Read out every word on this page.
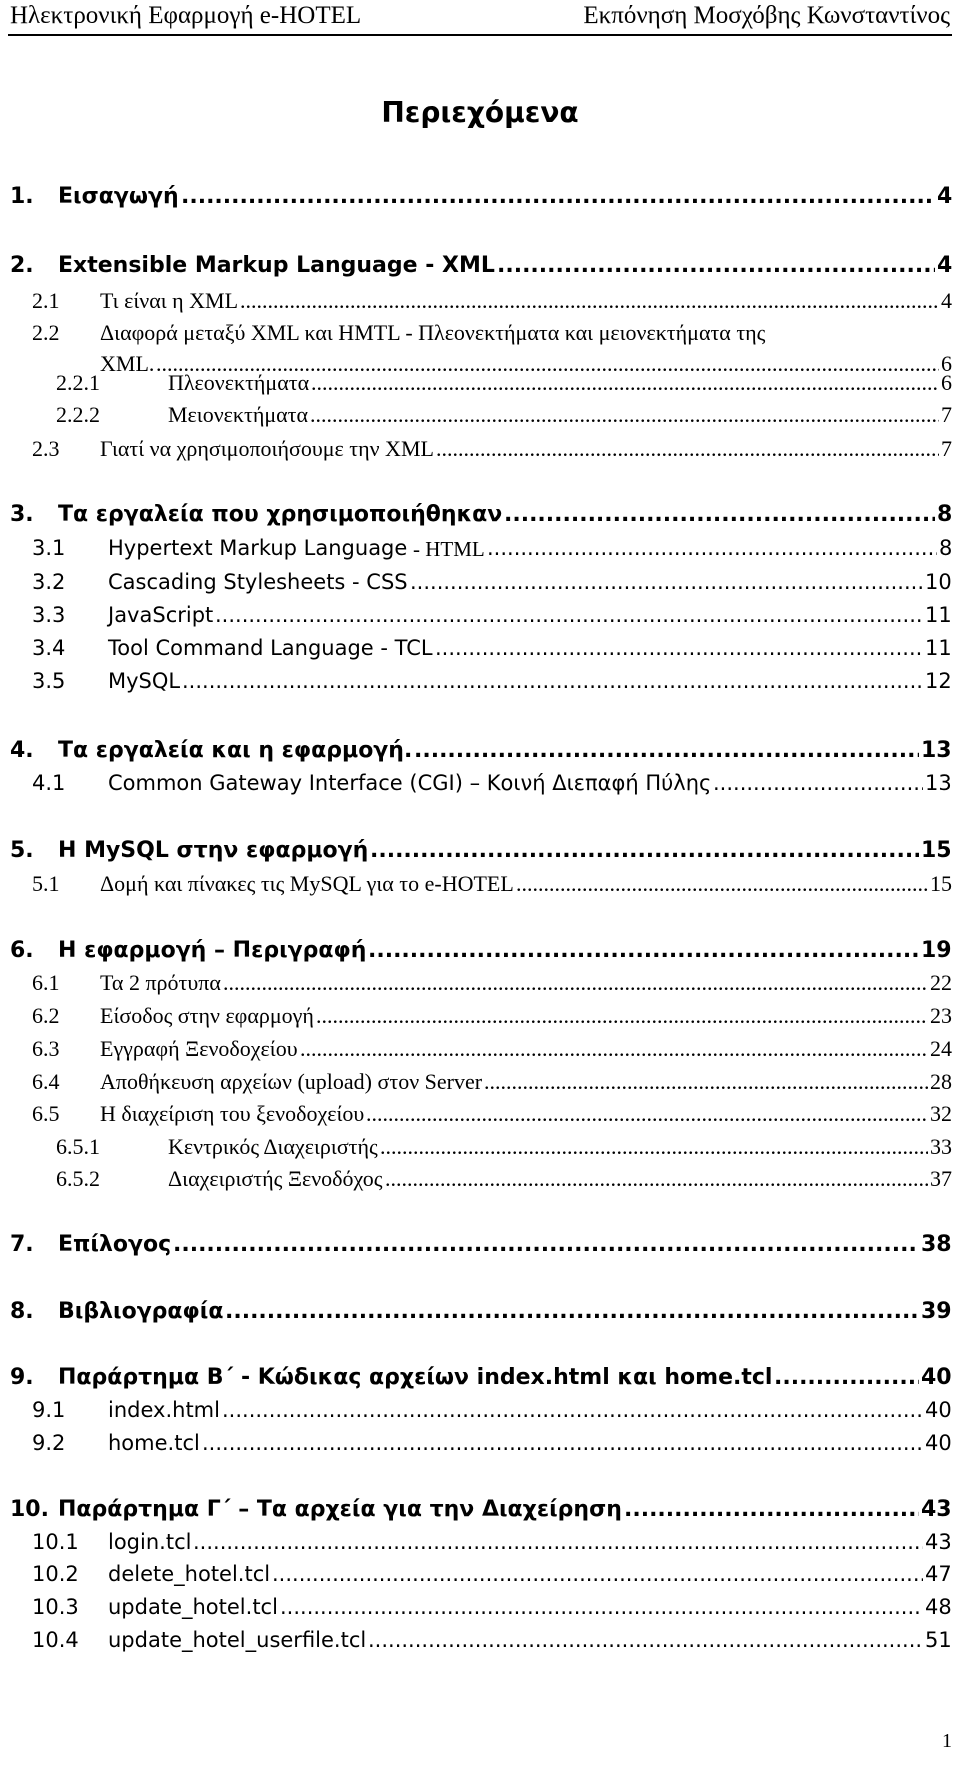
Ηλεκτρονική Εφαρμογή e-HOTEL	Εκπόνηση Μοσχόβης Κωνσταντίνος
Περιεχόμενα
1. Εισαγωγή	4
.....
2. Extensible Markup Language - XML	4
.....
2.1 Τι είναι η XML	4
.....
2.2 Διαφορά μεταξύ XML και HMTL - Πλεονεκτήματα και μειονεκτήματα της
XML.	6
.....
2.2.1	Πλεονεκτήματα	6
.....
2.2.2	Μειονεκτήματα	7
.....
2.3 Γιατί να χρησιμοποιήσουμε την XML	7
.....
3. Τα εργαλεία που χρησιμοποιήθηκαν	8
.....
3.1 Hypertext Markup Language - HTML	8
.....
3.2 Cascading Stylesheets - CSS	10
.....
3.3 JavaScript	11
.....
3.4 Tool Command Language - TCL	11
.....
3.5 MySQL	12
.....
4. Τα εργαλεία και η εφαρμογή.	13
.....
4.1 Common Gateway Interface (CGI) – Κοινή Διεπαφή Πύλης	13
.....
5. Η MySQL στην εφαρμογή	15
.....
5.1 Δομή και πίνακες τις MySQL για το e-HOTEL	15
.....
6. Η εφαρμογή – Περιγραφή	19
.....
6.1 Τα 2 πρότυπα	22
.....
6.2 Είσοδος στην εφαρμογή	23
.....
6.3 Εγγραφή Ξενοδοχείου	24
.....
6.4 Αποθήκευση αρχείων (upload) στον Server	28
.....
6.5 Η διαχείριση του ξενοδοχείου	32
.....
6.5.1	Κεντρικός Διαχειριστής	33
.....
6.5.2	Διαχειριστής Ξενοδόχος	37
.....
7. Επίλογος	38
.....
8. Βιβλιογραφία	39
.....
9. Παράρτημα Β΄ - Κώδικας αρχείων index.html και home.tcl	40
.....
9.1 index.html	40
.....
9.2 home.tcl	40
.....
10. Παράρτημα Γ΄ – Τα αρχεία για την Διαχείρηση	43
.....
10.1 login.tcl	43
.....
10.2 delete_hotel.tcl	47
.....
10.3 update_hotel.tcl	48
.....
10.4 update_hotel_userfile.tcl	51
.....
1
